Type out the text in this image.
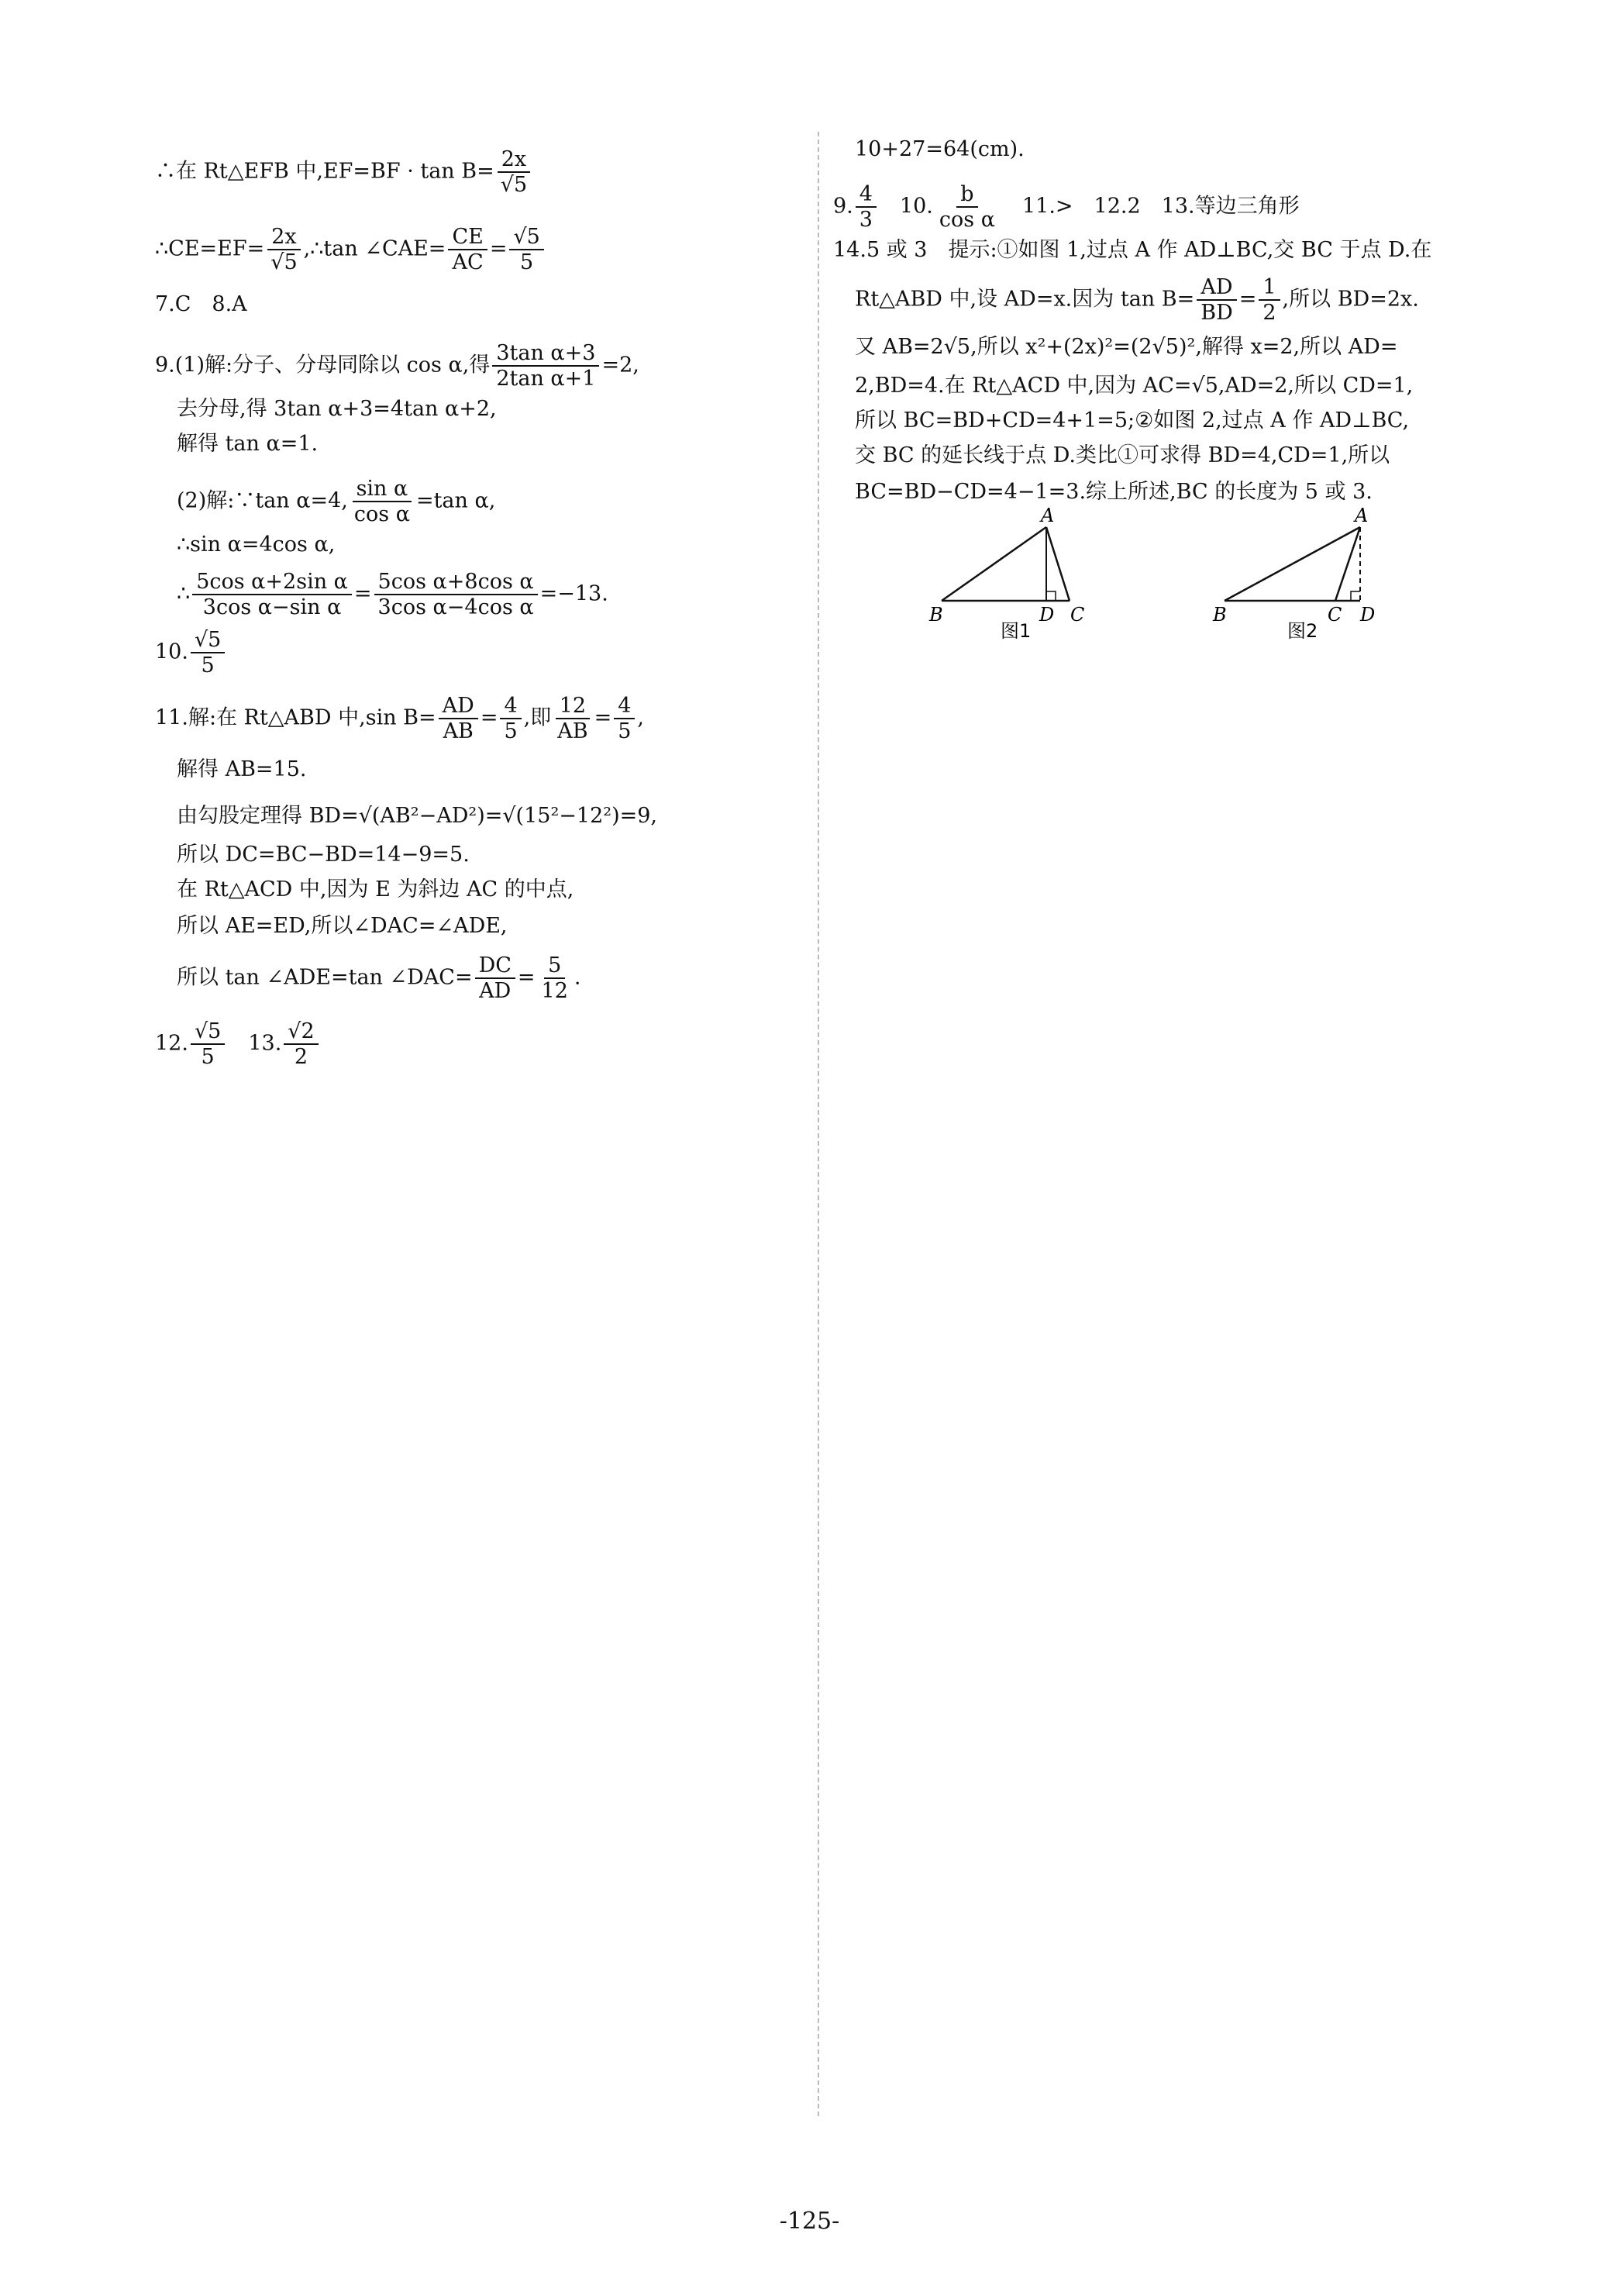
∴在 Rt△EFB 中$,EF=BF \cdot \tan B= \frac{2x}{√5}$
∴CE=EF= $\frac{2x}{√5}$ ,∴tan ∠CAE= $\frac{CE}{AC} = \frac{√5}{5}$
7.C　8.A
9.(1)解:分子、分母同除以 cos α,得 $\frac{\text{3tan α+3}}{\text{2tan α+1}} =2$,
去分母,得 3tan α+3=4tan α+2,
解得 tan α=1.
(2)解:∵tan α=4, $\frac{\text{sin α}}{\text{cos α}} =\tan$ α,
∴sin α=4cos α,
∴ $\frac{\text{5cos α+2sin α}}{\text{3cos α−sin α}} = \frac{\text{5cos α+8cos α}}{\text{3cos α−4cos α}} =-13$.
10. $\frac{√5}{5}$
11.解:在 Rt△ABD 中,sin $B= \frac{AD}{AB} = \frac{4}{5}$ ,即 $\frac{12}{AB} = \frac{4}{5}$ ,
解得 AB=15.
由勾股定理得 BD=√(AB²−AD²)=√(15²−12²)=9,
所以 DC=BC−BD=14−9=5.
在 Rt△ACD 中,因为 E 为斜边 AC 的中点,
所以 AE=ED,所以∠DAC=∠ADE,
所以 tan ∠ADE=tan ∠DAC= $\frac{DC}{AD} = \frac{5}{12}$ .
12. $\frac{√5}{5}$ 　13. $\frac{√2}{2}$
10+27=64(cm).
9. $\frac{4}{3}$ 　10. $\frac{b}{\text{cos α}}$ 　11.>　12.2　13.等边三角形
14.5 或 3　提示:①如图 1,过点 A 作 AD⊥BC,交 BC 于点 D.在
Rt△ABD 中,设 AD=x.因为 $\tan B= \frac{AD}{BD} = \frac{1}{2}$ ,所以 BD=2x.
又 AB=2√5,所以 x²+(2x)²=(2√5)²,解得 x=2,所以 AD=
2,BD=4.在 Rt△ACD 中,因为 AC=√5,AD=2,所以 CD=1,
所以 BC=BD+CD=4+1=5;②如图 2,过点 A 作 AD⊥BC,
交 BC 的延长线于点 D.类比①可求得 BD=4,CD=1,所以
BC=BD−CD=4−1=3.综上所述,BC 的长度为 5 或 3.
A
B	D C
图1
A
B	C D
图2
-125-
